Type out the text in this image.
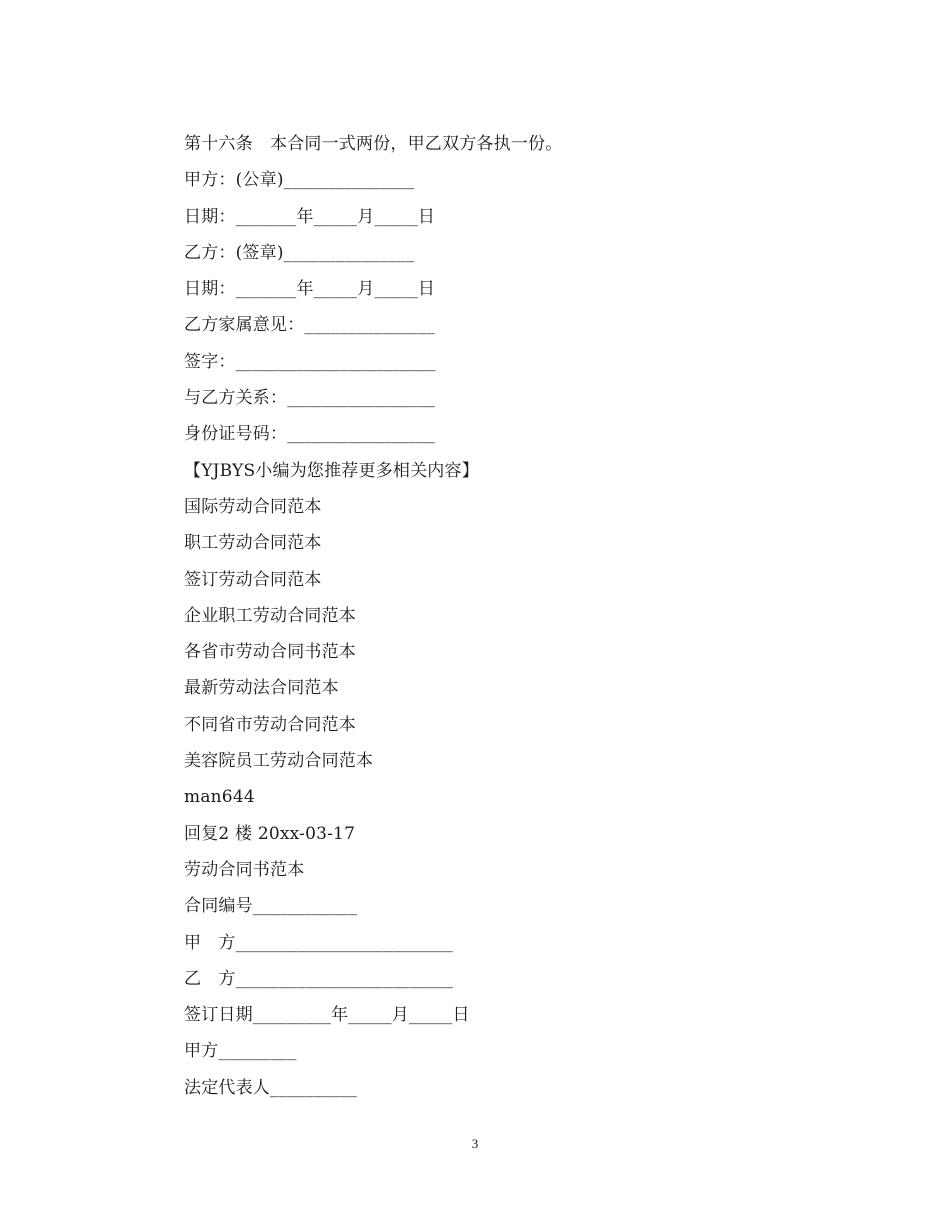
第十六条　本合同一式两份，甲乙双方各执一份。
甲方：(公章)_______________
日期：_______年_____月_____日
乙方：(签章)_______________
日期：_______年_____月_____日
乙方家属意见：_______________
签字：_______________________
与乙方关系：_________________
身份证号码：_________________
【YJBYS小编为您推荐更多相关内容】
国际劳动合同范本
职工劳动合同范本
签订劳动合同范本
企业职工劳动合同范本
各省市劳动合同书范本
最新劳动法合同范本
不同省市劳动合同范本
美容院员工劳动合同范本
man644
回复2 楼 20xx-03-17
劳动合同书范本
合同编号____________
甲　方_________________________
乙　方_________________________
签订日期_________年_____月_____日
甲方_________
法定代表人__________
3
